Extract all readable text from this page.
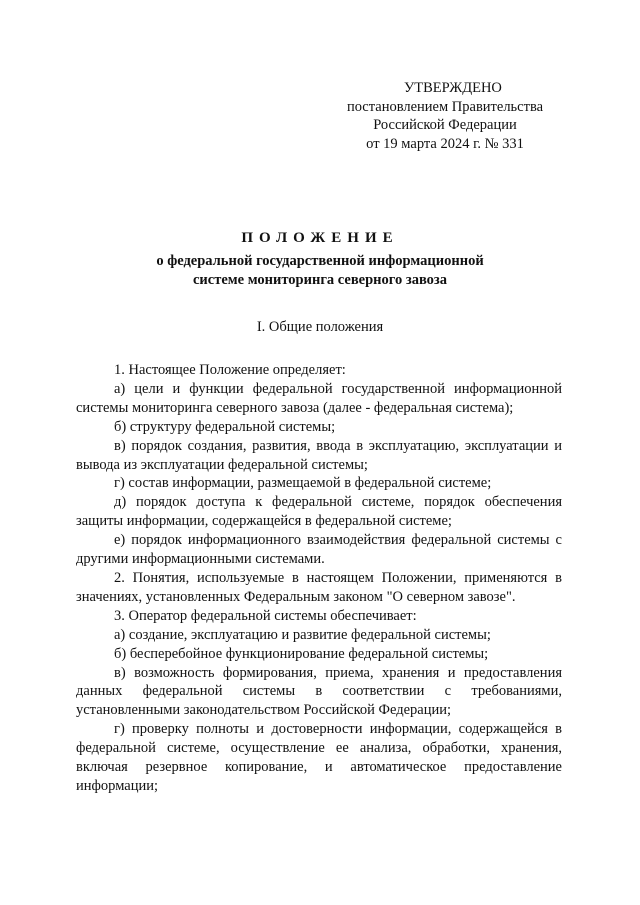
УТВЕРЖДЕНО
постановлением Правительства
Российской Федерации
от 19 марта 2024 г. № 331
ПОЛОЖЕНИЕ
о федеральной государственной информационной
системе мониторинга северного завоза
I. Общие положения

1. Настоящее Положение определяет:

а) цели и функции федеральной государственной информационной системы мониторинга северного завоза (далее - федеральная система);

б) структуру федеральной системы;

в) порядок создания, развития, ввода в эксплуатацию, эксплуатации и вывода из эксплуатации федеральной системы;

г) состав информации, размещаемой в федеральной системе;

д) порядок доступа к федеральной системе, порядок обеспечения защиты информации, содержащейся в федеральной системе;

е) порядок информационного взаимодействия федеральной системы с другими информационными системами.

2. Понятия, используемые в настоящем Положении, применяются в значениях, установленных Федеральным законом "О северном завозе".

3. Оператор федеральной системы обеспечивает:

а) создание, эксплуатацию и развитие федеральной системы;

б) бесперебойное функционирование федеральной системы;

в) возможность формирования, приема, хранения и предоставления данных федеральной системы в соответствии с требованиями, установленными законодательством Российской Федерации;

г) проверку полноты и достоверности информации, содержащейся в федеральной системе, осуществление ее анализа, обработки, хранения, включая резервное копирование, и автоматическое предоставление информации;
